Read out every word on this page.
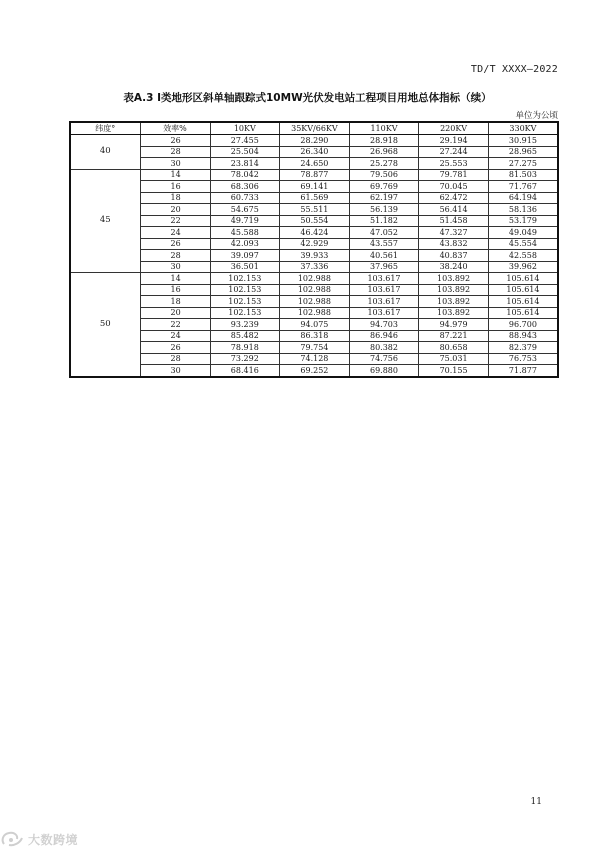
TD/T XXXX—2022
表A.3 Ⅰ类地形区斜单轴跟踪式10MW光伏发电站工程项目用地总体指标（续）
单位为公顷
纬度°	效率%	10KV	35KV/66KV	110KV	220KV	330KV
40	26	27.455	28.290	28.918	29.194	30.915
	28	25.504	26.340	26.968	27.244	28.965
	30	23.814	24.650	25.278	25.553	27.275
45	14	78.042	78.877	79.506	79.781	81.503
	16	68.306	69.141	69.769	70.045	71.767
	18	60.733	61.569	62.197	62.472	64.194
	20	54.675	55.511	56.139	56.414	58.136
	22	49.719	50.554	51.182	51.458	53.179
	24	45.588	46.424	47.052	47.327	49.049
	26	42.093	42.929	43.557	43.832	45.554
	28	39.097	39.933	40.561	40.837	42.558
	30	36.501	37.336	37.965	38.240	39.962
50	14	102.153	102.988	103.617	103.892	105.614
	16	102.153	102.988	103.617	103.892	105.614
	18	102.153	102.988	103.617	103.892	105.614
	20	102.153	102.988	103.617	103.892	105.614
	22	93.239	94.075	94.703	94.979	96.700
	24	85.482	86.318	86.946	87.221	88.943
	26	78.918	79.754	80.382	80.658	82.379
	28	73.292	74.128	74.756	75.031	76.753
	30	68.416	69.252	69.880	70.155	71.877
11
大数跨境
